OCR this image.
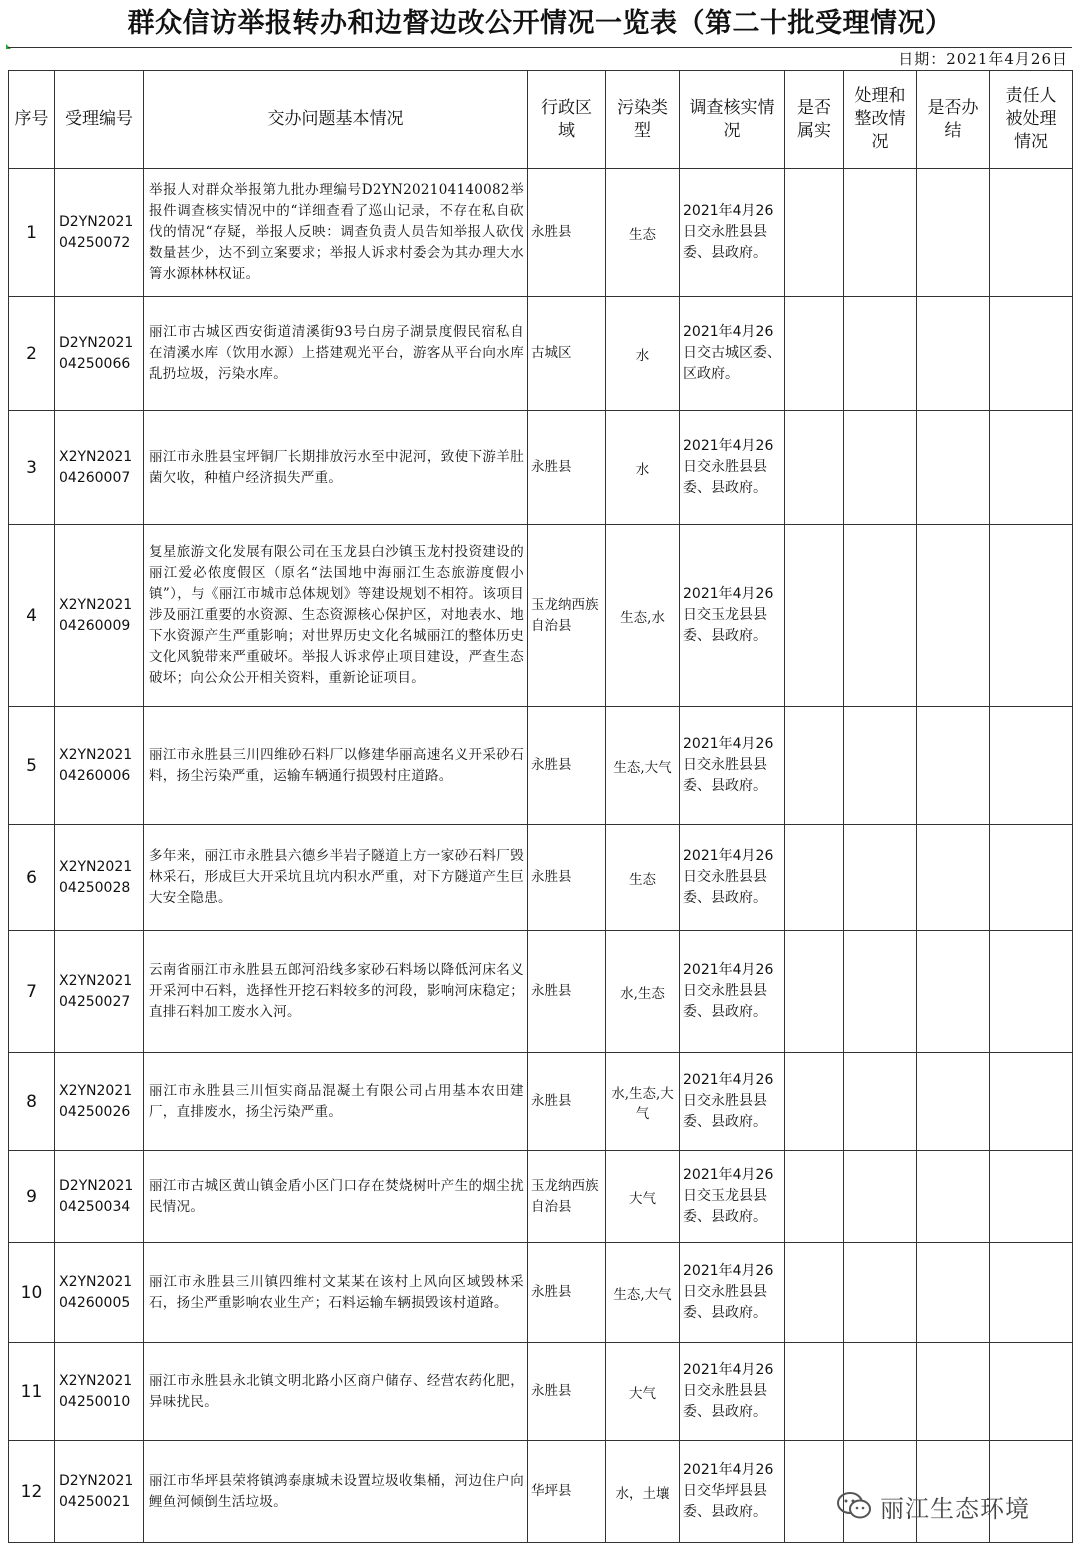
群众信访举报转办和边督边改公开情况一览表（第二十批受理情况）
日期：2021年4月26日
序号	受理编号	交办问题基本情况	行政区域	污染类型	调查核实情况	是否属实	处理和整改情况	是否办结	责任人被处理情况
1	D2YN202104250072	举报人对群众举报第九批办理编号D2YN202104140082举报件调查核实情况中的“详细查看了巡山记录，不存在私自砍伐的情况“存疑，举报人反映：调查负责人员告知举报人砍伐数量甚少，达不到立案要求；举报人诉求村委会为其办理大水箐水源林林权证。	永胜县	生态	2021年4月26日交永胜县县委、县政府。				
2	D2YN202104250066	丽江市古城区西安街道清溪街93号白房子湖景度假民宿私自在清溪水库（饮用水源）上搭建观光平台，游客从平台向水库乱扔垃圾，污染水库。	古城区	水	2021年4月26日交古城区委、区政府。				
3	X2YN202104260007	丽江市永胜县宝坪铜厂长期排放污水至中泥河，致使下游羊肚菌欠收，种植户经济损失严重。	永胜县	水	2021年4月26日交永胜县县委、县政府。				
4	X2YN202104260009	复星旅游文化发展有限公司在玉龙县白沙镇玉龙村投资建设的丽江爱必侬度假区（原名“法国地中海丽江生态旅游度假小镇”），与《丽江市城市总体规划》等建设规划不相符。该项目涉及丽江重要的水资源、生态资源核心保护区，对地表水、地下水资源产生严重影响；对世界历史文化名城丽江的整体历史文化风貌带来严重破坏。举报人诉求停止项目建设，严查生态破坏；向公众公开相关资料，重新论证项目。	玉龙纳西族自治县	生态,水	2021年4月26日交玉龙县县委、县政府。				
5	X2YN202104260006	丽江市永胜县三川四维砂石料厂以修建华丽高速名义开采砂石料，扬尘污染严重，运输车辆通行损毁村庄道路。	永胜县	生态,大气	2021年4月26日交永胜县县委、县政府。				
6	X2YN202104250028	多年来，丽江市永胜县六德乡半岩子隧道上方一家砂石料厂毁林采石，形成巨大开采坑且坑内积水严重，对下方隧道产生巨大安全隐患。	永胜县	生态	2021年4月26日交永胜县县委、县政府。				
7	X2YN202104250027	云南省丽江市永胜县五郎河沿线多家砂石料场以降低河床名义开采河中石料，选择性开挖石料较多的河段，影响河床稳定；直排石料加工废水入河。	永胜县	水,生态	2021年4月26日交永胜县县委、县政府。				
8	X2YN202104250026	丽江市永胜县三川恒实商品混凝土有限公司占用基本农田建厂，直排废水，扬尘污染严重。	永胜县	水,生态,大气	2021年4月26日交永胜县县委、县政府。				
9	D2YN202104250034	丽江市古城区黄山镇金盾小区门口存在焚烧树叶产生的烟尘扰民情况。	玉龙纳西族自治县	大气	2021年4月26日交玉龙县县委、县政府。				
10	X2YN202104260005	丽江市永胜县三川镇四维村文某某在该村上风向区域毁林采石，扬尘严重影响农业生产；石料运输车辆损毁该村道路。	永胜县	生态,大气	2021年4月26日交永胜县县委、县政府。				
11	X2YN202104250010	丽江市永胜县永北镇文明北路小区商户储存、经营农药化肥，异味扰民。	永胜县	大气	2021年4月26日交永胜县县委、县政府。				
12	D2YN202104250021	丽江市华坪县荣将镇鸿泰康城未设置垃圾收集桶，河边住户向鲤鱼河倾倒生活垃圾。	华坪县	水，土壤	2021年4月26日交华坪县县委、县政府。					丽江生态环境
